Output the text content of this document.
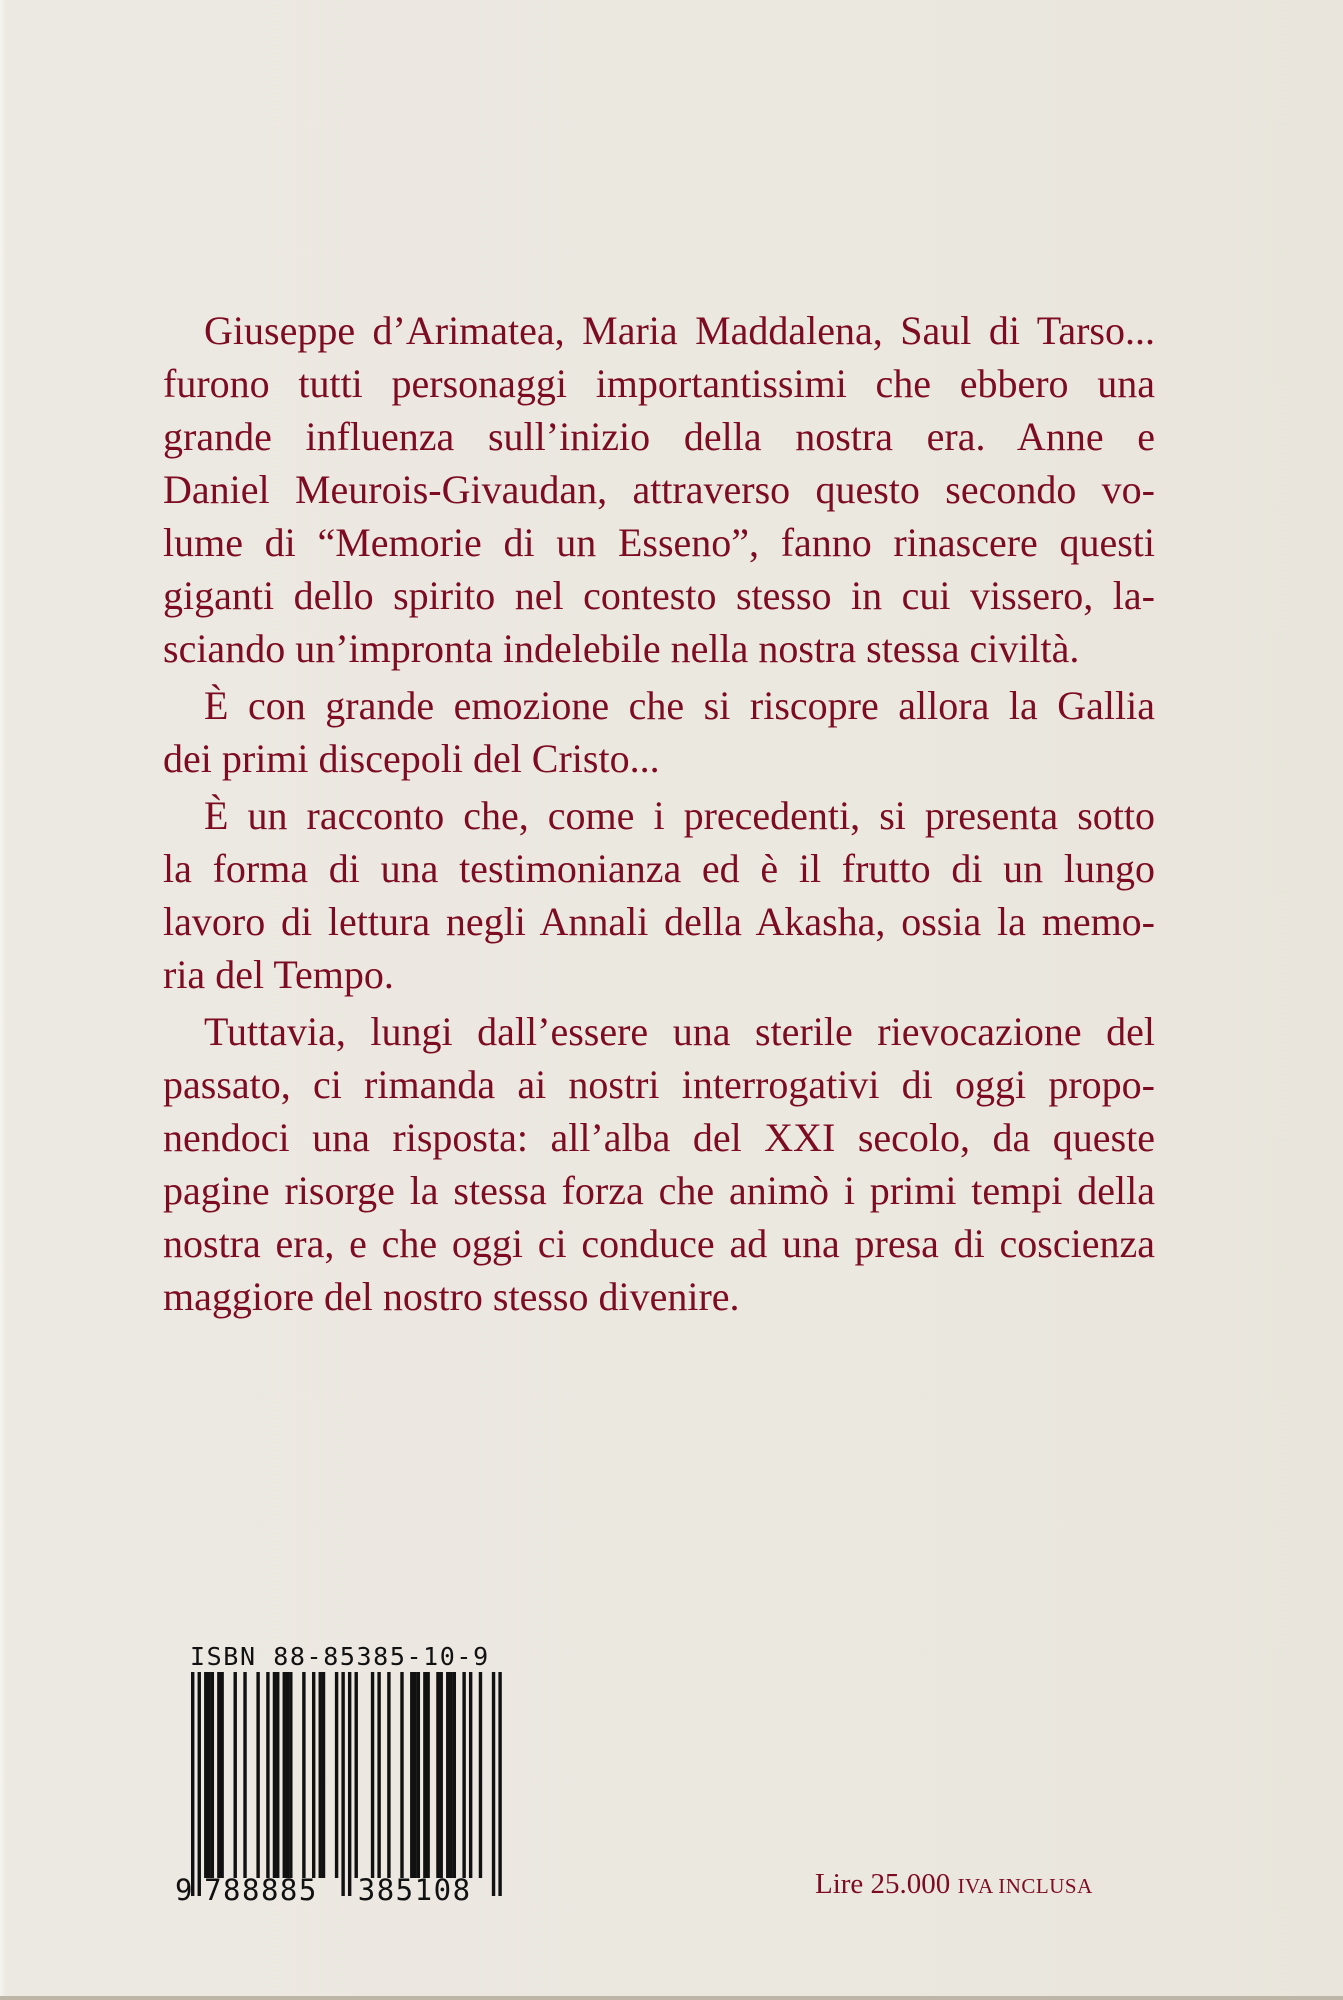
Giuseppe d’Arimatea, Maria Maddalena, Saul di Tarso...
furono tutti personaggi importantissimi che ebbero una
grande influenza sull’inizio della nostra era. Anne e
Daniel Meurois-Givaudan, attraverso questo secondo vo-
lume di “Memorie di un Esseno”, fanno rinascere questi
giganti dello spirito nel contesto stesso in cui vissero, la-
sciando un’impronta indelebile nella nostra stessa civiltà.
È con grande emozione che si riscopre allora la Gallia
dei primi discepoli del Cristo...
È un racconto che, come i precedenti, si presenta sotto
la forma di una testimonianza ed è il frutto di un lungo
lavoro di lettura negli Annali della Akasha, ossia la memo-
ria del Tempo.
Tuttavia, lungi dall’essere una sterile rievocazione del
passato, ci rimanda ai nostri interrogativi di oggi propo-
nendoci una risposta: all’alba del XXI secolo, da queste
pagine risorge la stessa forza che animò i primi tempi della
nostra era, e che oggi ci conduce ad una presa di coscienza
maggiore del nostro stesso divenire.
ISBN 88-85385-10-9
9 788885 385108	Lire 25.000 IVA INCLUSA
